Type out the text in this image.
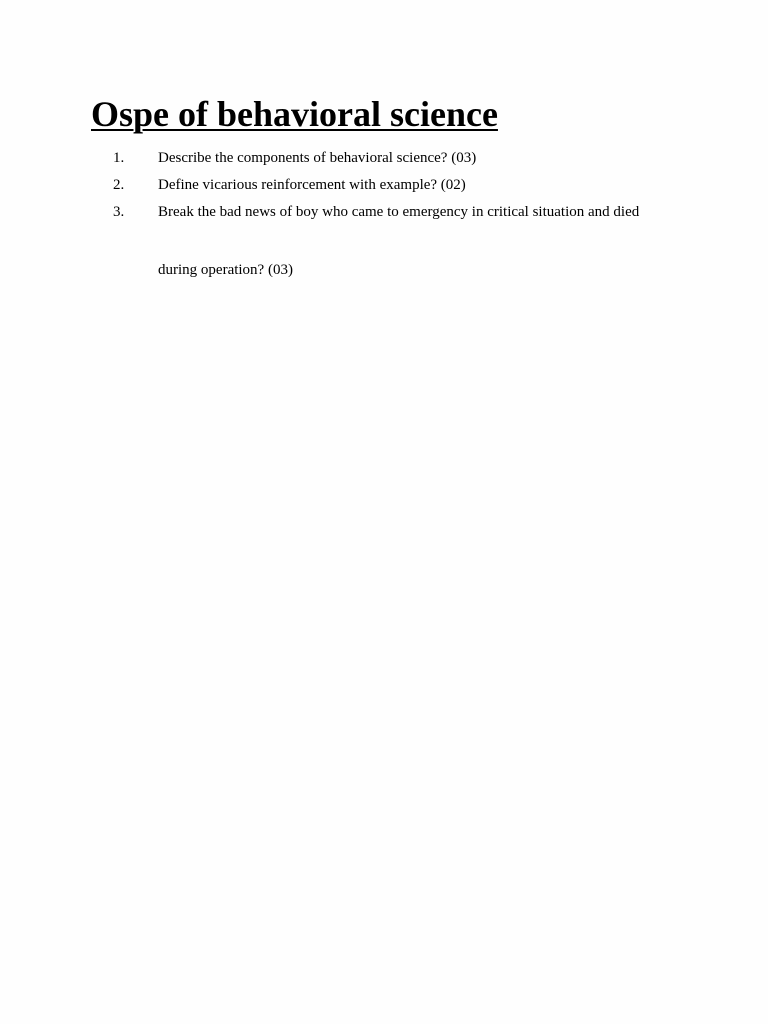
Ospe of behavioral science
1. Describe the components of behavioral science? (03)
2. Define vicarious reinforcement with example? (02)
3. Break the bad news of boy who came to emergency in critical situation and died
during operation? (03)
